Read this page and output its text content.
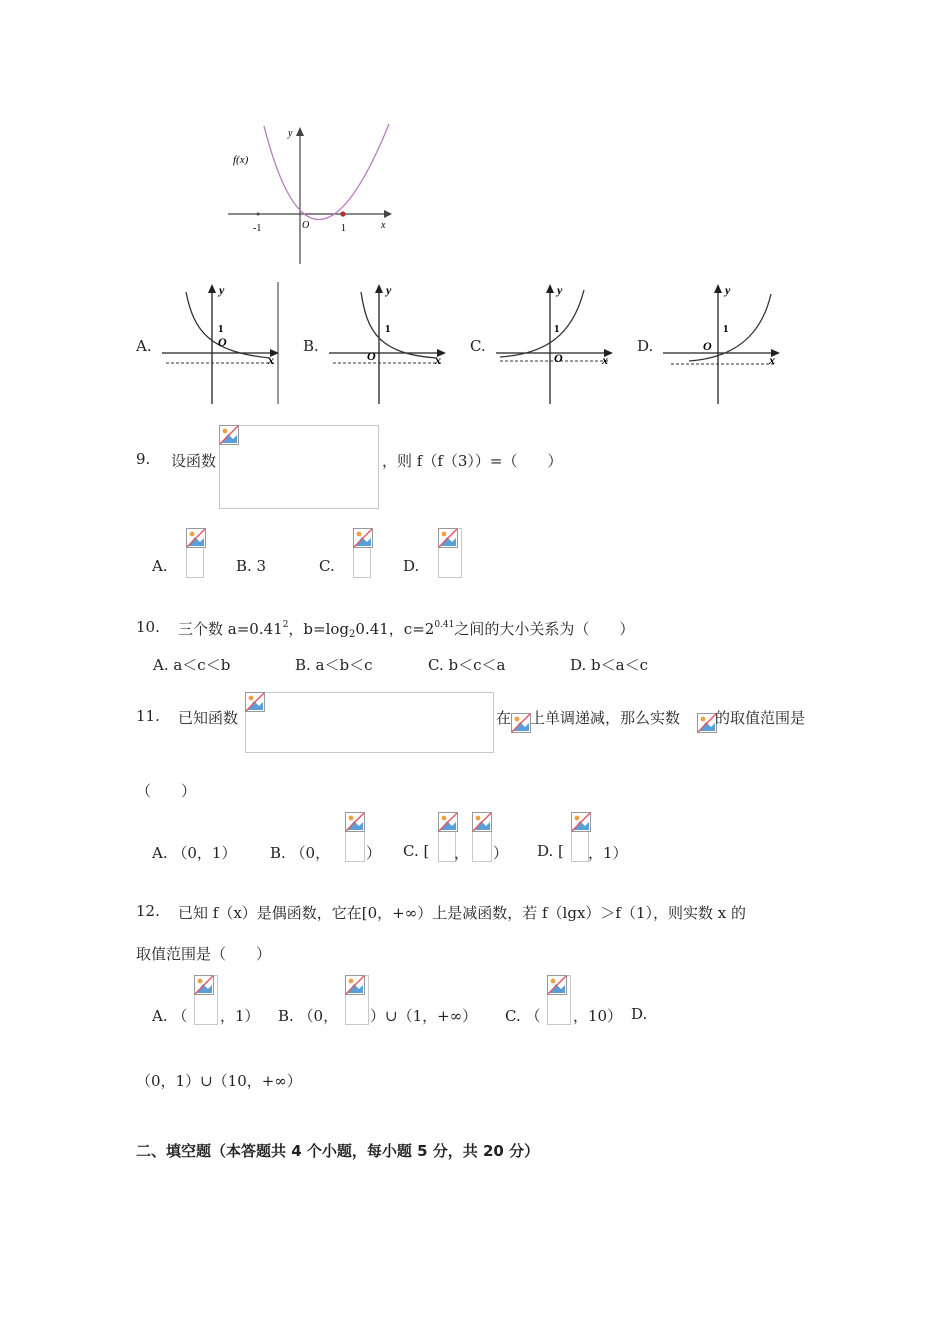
f(x)
y
x
O
-1	1
A.	B.	C.	D.
y
x
1
O
y
x
1
O
y
x
1
O
y
x
1
O
9. 设函数	，则 f（f（3））=（　　）
A.	B. 3	C.	D.
10. 三个数 $a=0.41^2$，$b=\log_20.41$，$c=2^{0.41}$之间的大小关系为（　　）
A. a＜c＜b	B. a＜b＜c	C. b＜c＜a	D. b＜a＜c
11. 已知函数	在 上单调递减，那么实数 的取值范围是
（　　）
A. （0，1） B. （0， ） C. [ ， ） D. [ ，1）
12. 已知 f（x）是偶函数，它在[0，+∞）上是减函数，若 f（lgx）＞f（1），则实数 x 的
取值范围是（　　）
A. （ ，1） B. （0， ）∪（1，+∞） C. （ ，10） D.
（0，1）∪（10，+∞）
二、填空题（本答题共 4 个小题，每小题 5 分，共 20 分）
